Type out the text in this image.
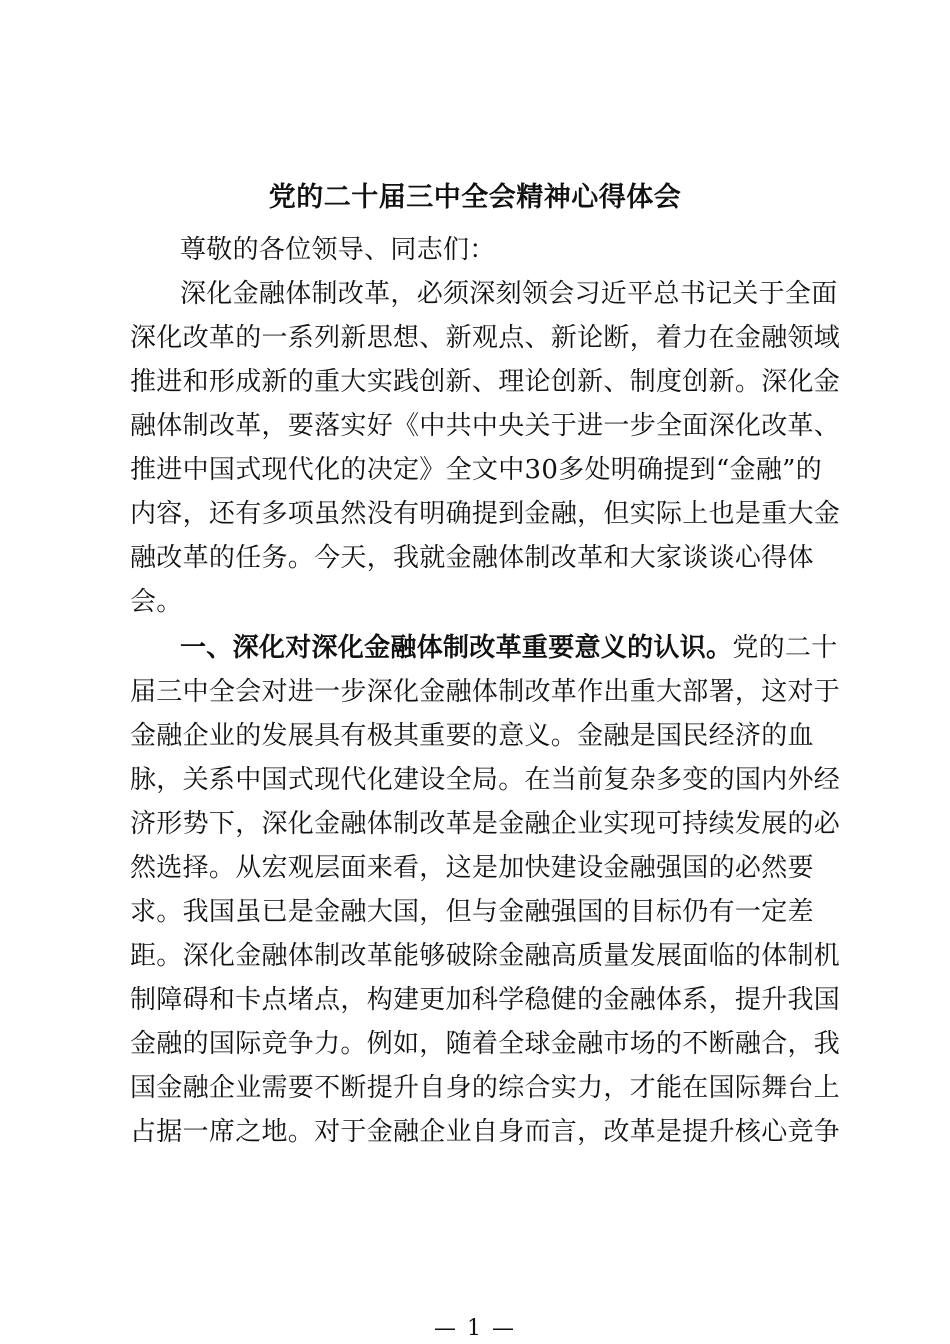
党的二十届三中全会精神心得体会
尊敬的各位领导、同志们：
深化金融体制改革，必须深刻领会习近平总书记关于全面
深化改革的一系列新思想、新观点、新论断，着力在金融领域
推进和形成新的重大实践创新、理论创新、制度创新。深化金
融体制改革，要落实好《中共中央关于进一步全面深化改革、
推进中国式现代化的决定》全文中30多处明确提到“金融”的
内容，还有多项虽然没有明确提到金融，但实际上也是重大金
融改革的任务。今天，我就金融体制改革和大家谈谈心得体
会。
一、深化对深化金融体制改革重要意义的认识。党的二十
届三中全会对进一步深化金融体制改革作出重大部署，这对于
金融企业的发展具有极其重要的意义。金融是国民经济的血
脉，关系中国式现代化建设全局。在当前复杂多变的国内外经
济形势下，深化金融体制改革是金融企业实现可持续发展的必
然选择。从宏观层面来看，这是加快建设金融强国的必然要
求。我国虽已是金融大国，但与金融强国的目标仍有一定差
距。深化金融体制改革能够破除金融高质量发展面临的体制机
制障碍和卡点堵点，构建更加科学稳健的金融体系，提升我国
金融的国际竞争力。例如，随着全球金融市场的不断融合，我
国金融企业需要不断提升自身的综合实力，才能在国际舞台上
占据一席之地。对于金融企业自身而言，改革是提升核心竞争
— 1 —
